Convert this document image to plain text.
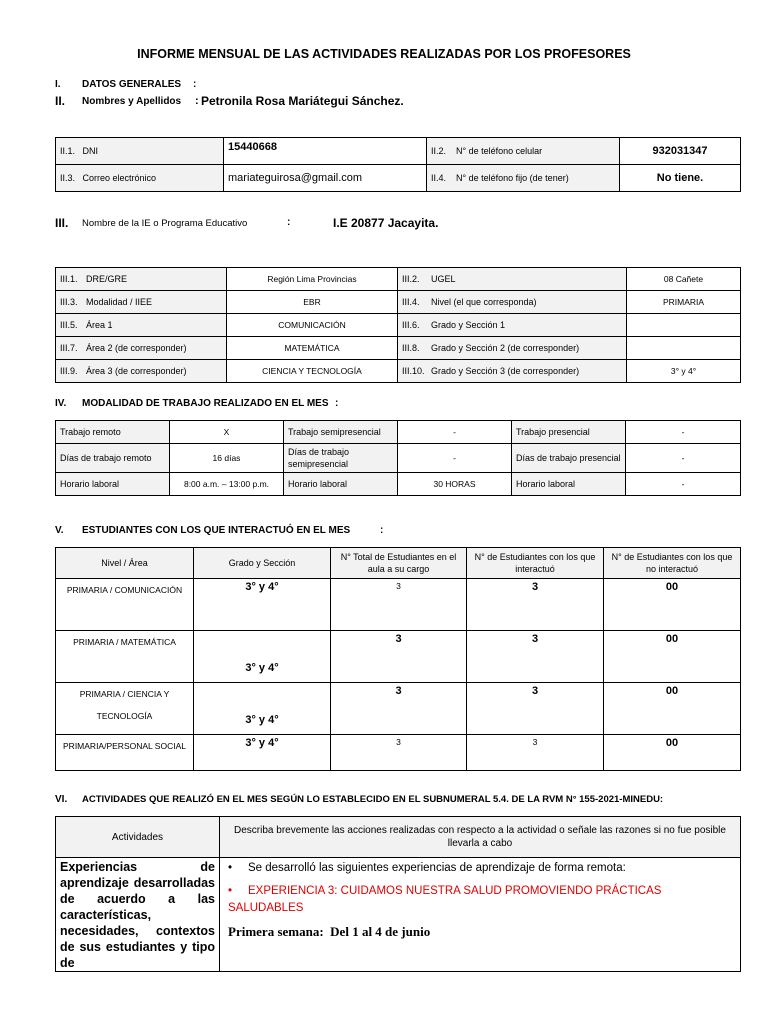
INFORME MENSUAL DE LAS ACTIVIDADES REALIZADAS POR LOS PROFESORES
I. DATOS GENERALES :
II. Nombres y Apellidos : Petronila Rosa Mariátegui Sánchez.
II.1. DNI	15440668	II.2. N° de teléfono celular	932031347
II.3. Correo electrónico	mariateguirosa@gmail.com	II.4. N° de teléfono fijo (de tener)	No tiene.
III. Nombre de la IE o Programa Educativo	:	I.E 20877 Jacayita.
III.1. DRE/GRE	Región Lima Provincias	III.2. UGEL	08 Cañete
III.3. Modalidad / IIEE	EBR	III.4. Nivel (el que corresponda)	PRIMARIA
III.5. Área 1	COMUNICACIÓN	III.6. Grado y Sección 1	
III.7. Área 2 (de corresponder)	MATEMÁTICA	III.8. Grado y Sección 2 (de corresponder)	
III.9. Área 3 (de corresponder)	CIENCIA Y TECNOLOGÍA	III.10. Grado y Sección 3 (de corresponder)	3° y 4°
IV. MODALIDAD DE TRABAJO REALIZADO EN EL MES :
Trabajo remoto	X	Trabajo semipresencial	-	Trabajo presencial	-
Días de trabajo remoto	16 días	Días de trabajo semipresencial	-	Días de trabajo presencial	-
Horario laboral	8:00 a.m. – 13:00 p.m.	Horario laboral	30 HORAS	Horario laboral	-
V. ESTUDIANTES CON LOS QUE INTERACTUÓ EN EL MES	:
Nivel / Área	Grado y Sección	N° Total de Estudiantes en el aula a su cargo	N° de Estudiantes con los que interactuó	N° de Estudiantes con los que no interactuó
PRIMARIA / COMUNICACIÓN	3° y 4°	3	3	00
PRIMARIA / MATEMÁTICA	3° y 4°	3	3	00
PRIMARIA / CIENCIA Y TECNOLOGÍA	3° y 4°	3	3	00
PRIMARIA/PERSONAL SOCIAL	3° y 4°	3	3	00
VI. ACTIVIDADES QUE REALIZÓ EN EL MES SEGÚN LO ESTABLECIDO EN EL SUBNUMERAL 5.4. DE LA RVM N° 155-2021-MINEDU:
Actividades	Describa brevemente las acciones realizadas con respecto a la actividad o señale las razones si no fue posible llevarla a cabo
Experiencias de aprendizaje desarrolladas de acuerdo a las características, necesidades, contextos de sus estudiantes y tipo de	• Se desarrolló las siguientes experiencias de aprendizaje de forma remota:
• EXPERIENCIA 3: CUIDAMOS NUESTRA SALUD PROMOVIENDO PRÁCTICAS SALUDABLES
Primera semana: Del 1 al 4 de junio
